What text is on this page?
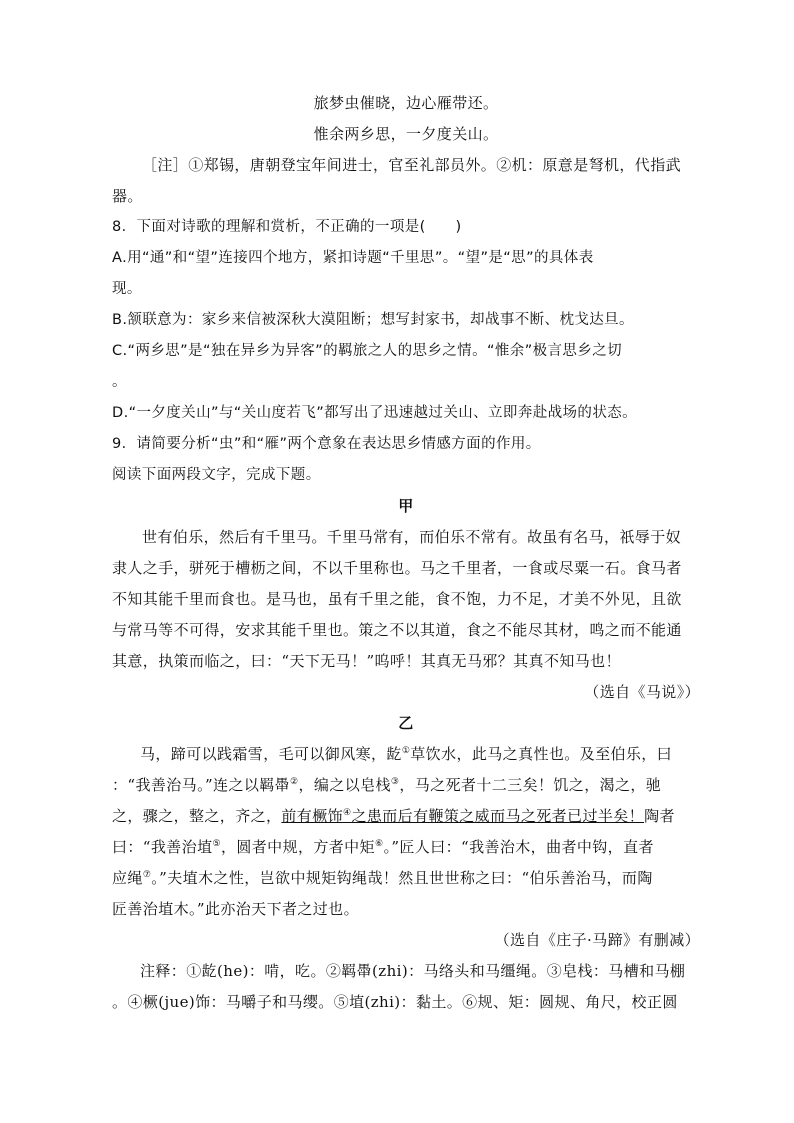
旅梦虫催晓，边心雁带还。
惟余两乡思，一夕度关山。
［注］①郑锡，唐朝登宝年间进士，官至礼部员外。②机：原意是弩机，代指武
器。
8．下面对诗歌的理解和赏析，不正确的一项是(　　)
A.用“通”和“望”连接四个地方，紧扣诗题“千里思”。“望”是“思”的具体表
现。
B.颔联意为：家乡来信被深秋大漠阻断；想写封家书，却战事不断、枕戈达旦。
C.“两乡思”是“独在异乡为异客”的羁旅之人的思乡之情。“惟余”极言思乡之切
。
D.“一夕度关山”与“关山度若飞”都写出了迅速越过关山、立即奔赴战场的状态。
9．请简要分析“虫”和“雁”两个意象在表达思乡情感方面的作用。
阅读下面两段文字，完成下题。
甲
世有伯乐，然后有千里马。千里马常有，而伯乐不常有。故虽有名马，祇辱于奴
隶人之手，骈死于槽枥之间，不以千里称也。马之千里者，一食或尽粟一石。食马者
不知其能千里而食也。是马也，虽有千里之能，食不饱，力不足，才美不外见，且欲
与常马等不可得，安求其能千里也。策之不以其道，食之不能尽其材，鸣之而不能通
其意，执策而临之，曰：“天下无马！”呜呼！其真无马邪？其真不知马也！
（选自《马说》）
乙
马，蹄可以践霜雪，毛可以御风寒，龁①草饮水，此马之真性也。及至伯乐，曰
：“我善治马。”连之以羁馽②，编之以皂栈③，马之死者十二三矣！饥之，渴之，驰
之，骤之，整之，齐之，前有橛饰④之患而后有鞭策之威而马之死者已过半矣！陶者
曰：“我善治埴⑤，圆者中规，方者中矩⑥。”匠人曰：“我善治木，曲者中钩，直者
应绳⑦。”夫埴木之性，岂欲中规矩钩绳哉！然且世世称之曰：“伯乐善治马，而陶
匠善治埴木。”此亦治天下者之过也。
（选自《庄子·马蹄》有删减）
注释：①龁(he)：啃，吃。②羁馽(zhi)：马络头和马缰绳。③皂栈：马槽和马棚
。④橛(jue)饰：马嚼子和马缨。⑤埴(zhi)：黏土。⑥规、矩：圆规、角尺，校正圆
